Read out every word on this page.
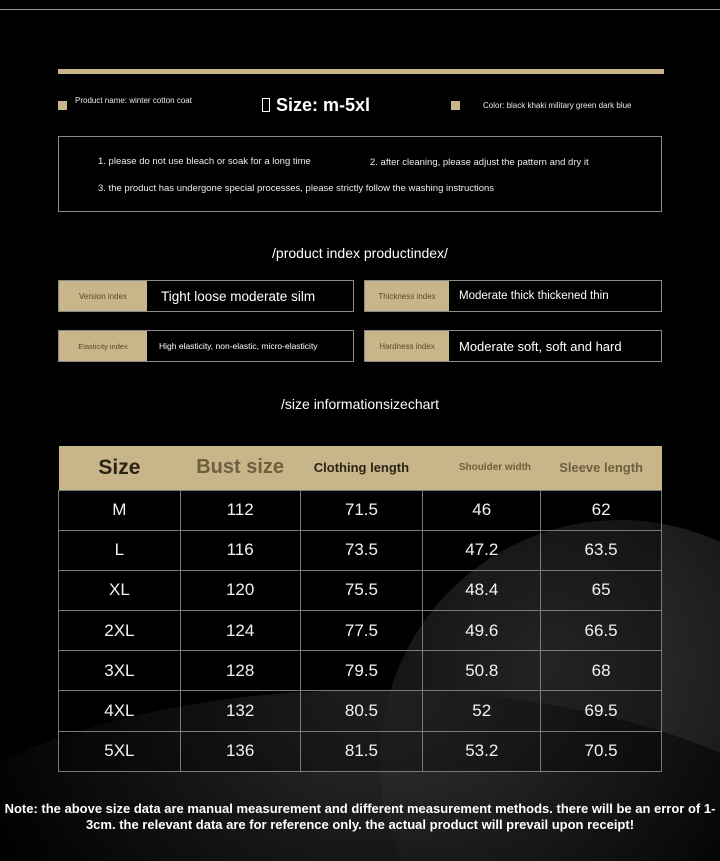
Product name: winter cotton coat	Size: m-5xl	Color: black khaki military green dark blue
1. please do not use bleach or soak for a long time	2. after cleaning, please adjust the pattern and dry it
3. the product has undergone special processes, please strictly follow the washing instructions
/product index productindex/
Version index	Tight loose moderate silm	Thickness index	Moderate thick thickened thin
Elasticity index	High elasticity, non-elastic, micro-elasticity	Hardness index	Moderate soft, soft and hard
/size informationsizechart
Size	Bust size	Clothing length	Shoulder width	Sleeve length
M	112	71.5	46	62
L	116	73.5	47.2	63.5
XL	120	75.5	48.4	65
2XL	124	77.5	49.6	66.5
3XL	128	79.5	50.8	68
4XL	132	80.5	52	69.5
5XL	136	81.5	53.2	70.5
Note: the above size data are manual measurement and different measurement methods. there will be an error of 1-3cm. the relevant data are for reference only. the actual product will prevail upon receipt!
